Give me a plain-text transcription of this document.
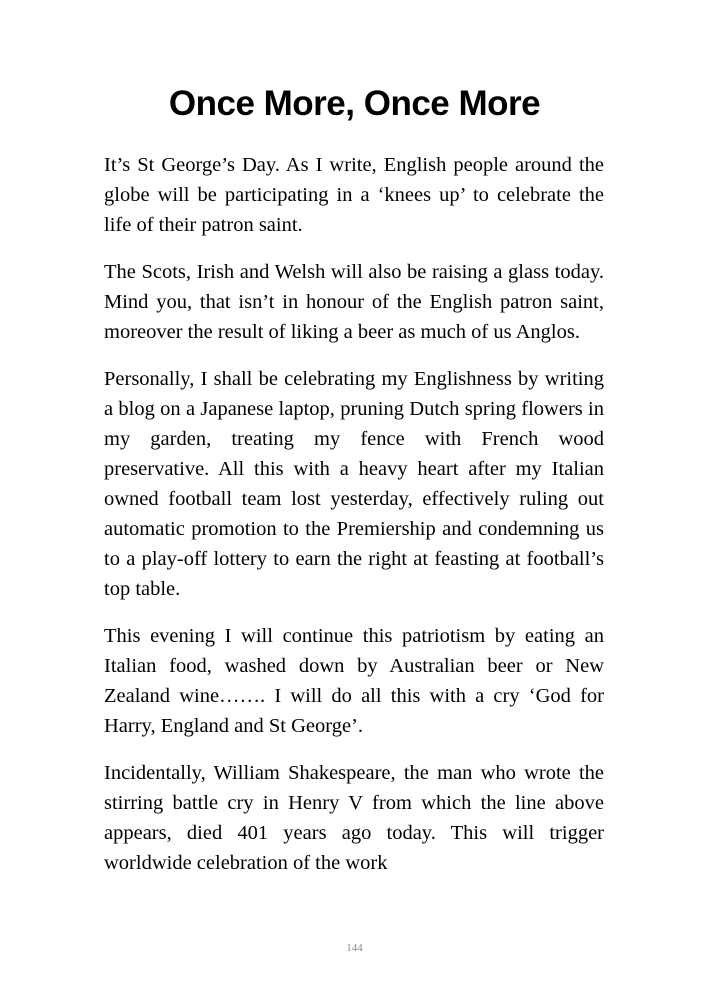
Once More, Once More

It’s St George’s Day. As I write, English people around the globe will be participating in a ‘knees up’ to celebrate the life of their patron saint.

The Scots, Irish and Welsh will also be raising a glass today. Mind you, that isn’t in honour of the English patron saint, moreover the result of liking a beer as much of us Anglos.

Personally, I shall be celebrating my Englishness by writing a blog on a Japanese laptop, pruning Dutch spring flowers in my garden, treating my fence with French wood preservative. All this with a heavy heart after my Italian owned football team lost yesterday, effectively ruling out automatic promotion to the Premiership and condemning us to a play-off lottery to earn the right at feasting at football’s top table.

This evening I will continue this patriotism by eating an Italian food, washed down by Australian beer or New Zealand wine……. I will do all this with a cry ‘God for Harry, England and St George’.

Incidentally, William Shakespeare, the man who wrote the stirring battle cry in Henry V from which the line above appears, died 401 years ago today. This will trigger worldwide celebration of the work

144
